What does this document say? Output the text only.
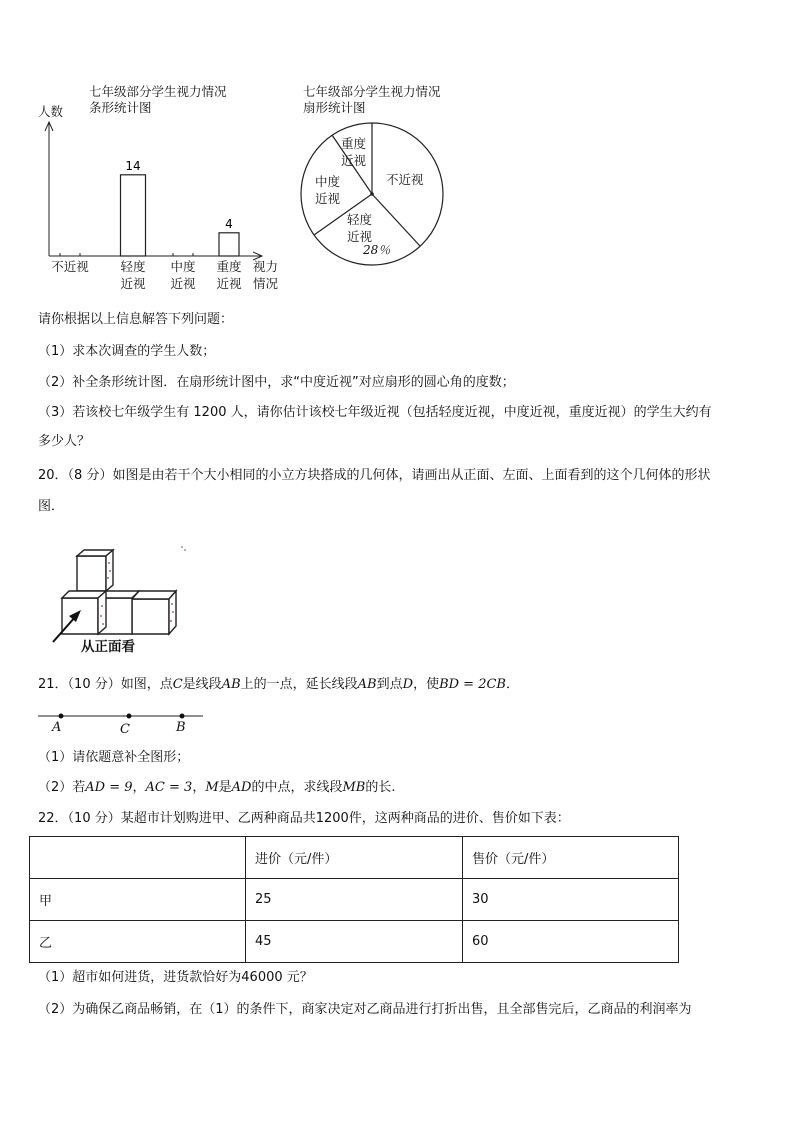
七年级部分学生视力情况
条形统计图
人数
14
4
不近视	轻度
近视
中度
近视
重度
近视
视力
情况
七年级部分学生视力情况
扇形统计图
重度
近视
不近视
轻度
近视
28％
中度
近视
请你根据以上信息解答下列问题：
（1）求本次调查的学生人数；
（2）补全条形统计图．在扇形统计图中，求“中度近视”对应扇形的圆心角的度数；
（3）若该校七年级学生有 1200 人，请你估计该校七年级近视（包括轻度近视，中度近视，重度近视）的学生大约有
多少人？
20．（8 分）如图是由若干个大小相同的小立方块搭成的几何体，请画出从正面、左面、上面看到的这个几何体的形状
图．
从正面看
21．（10 分）如图，点C是线段AB上的一点，延长线段AB到点D，使BD = 2CB．
A	C	B
（1）请依题意补全图形；
（2）若AD = 9，AC = 3，M是AD的中点，求线段MB的长.
22．（10 分）某超市计划购进甲、乙两种商品共1200件，这两种商品的进价、售价如下表：
	进价（元/件）	售价（元/件）
甲	25	30
乙	45	60
（1）超市如何进货，进货款恰好为46000 元？
（2）为确保乙商品畅销，在（1）的条件下，商家决定对乙商品进行打折出售，且全部售完后，乙商品的利润率为
